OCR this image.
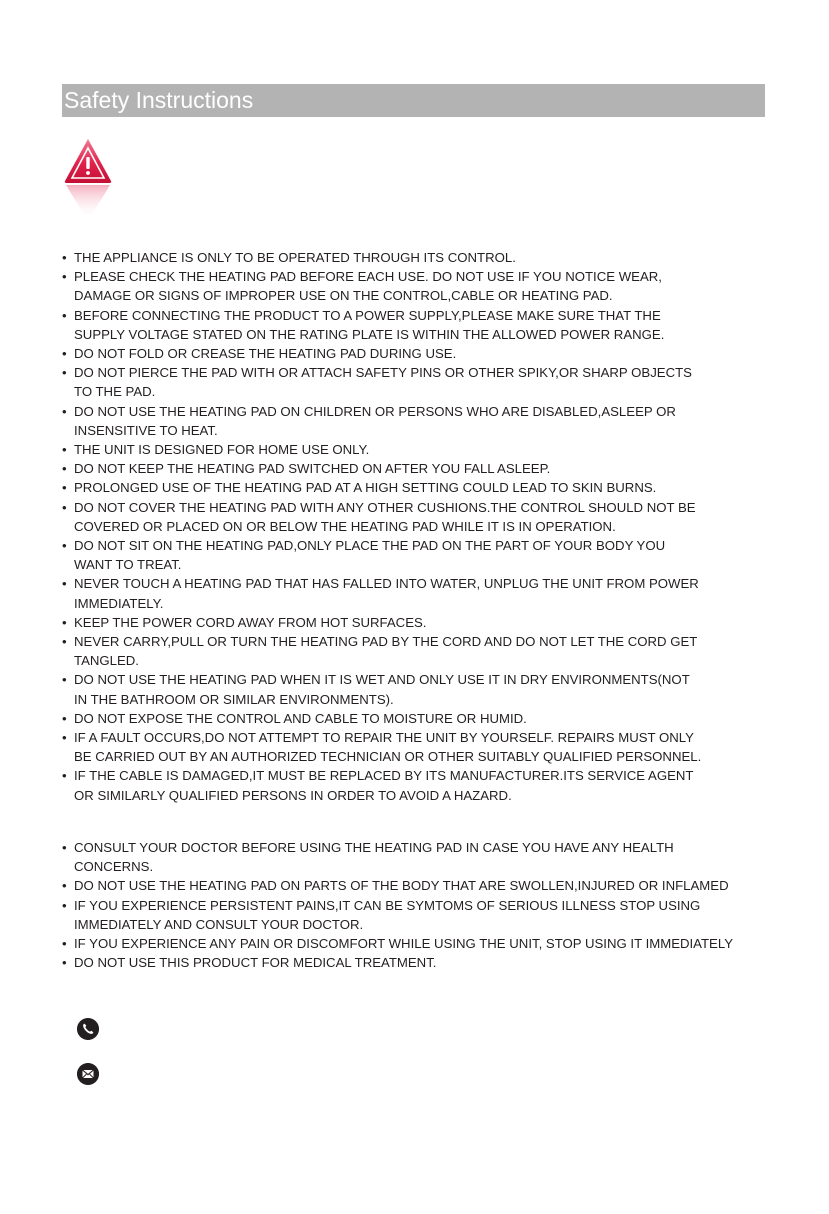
Safety Instructions
• THE APPLIANCE IS ONLY TO BE OPERATED THROUGH ITS CONTROL.
• PLEASE CHECK THE HEATING PAD BEFORE EACH USE. DO NOT USE IF YOU NOTICE WEAR,
DAMAGE OR SIGNS OF IMPROPER USE ON THE CONTROL,CABLE OR HEATING PAD.
• BEFORE CONNECTING THE PRODUCT TO A POWER SUPPLY,PLEASE MAKE SURE THAT THE
SUPPLY VOLTAGE STATED ON THE RATING PLATE IS WITHIN THE ALLOWED POWER RANGE.
• DO NOT FOLD OR CREASE THE HEATING PAD DURING USE.
• DO NOT PIERCE THE PAD WITH OR ATTACH SAFETY PINS OR OTHER SPIKY,OR SHARP OBJECTS
TO THE PAD.
• DO NOT USE THE HEATING PAD ON CHILDREN OR PERSONS WHO ARE DISABLED,ASLEEP OR
INSENSITIVE TO HEAT.
• THE UNIT IS DESIGNED FOR HOME USE ONLY.
• DO NOT KEEP THE HEATING PAD SWITCHED ON AFTER YOU FALL ASLEEP.
• PROLONGED USE OF THE HEATING PAD AT A HIGH SETTING COULD LEAD TO SKIN BURNS.
• DO NOT COVER THE HEATING PAD WITH ANY OTHER CUSHIONS.THE CONTROL SHOULD NOT BE
COVERED OR PLACED ON OR BELOW THE HEATING PAD WHILE IT IS IN OPERATION.
• DO NOT SIT ON THE HEATING PAD,ONLY PLACE THE PAD ON THE PART OF YOUR BODY YOU
WANT TO TREAT.
• NEVER TOUCH A HEATING PAD THAT HAS FALLED INTO WATER, UNPLUG THE UNIT FROM POWER
IMMEDIATELY.
• KEEP THE POWER CORD AWAY FROM HOT SURFACES.
• NEVER CARRY,PULL OR TURN THE HEATING PAD BY THE CORD AND DO NOT LET THE CORD GET
TANGLED.
• DO NOT USE THE HEATING PAD WHEN IT IS WET AND ONLY USE IT IN DRY ENVIRONMENTS(NOT
IN THE BATHROOM OR SIMILAR ENVIRONMENTS).
• DO NOT EXPOSE THE CONTROL AND CABLE TO MOISTURE OR HUMID.
• IF A FAULT OCCURS,DO NOT ATTEMPT TO REPAIR THE UNIT BY YOURSELF. REPAIRS MUST ONLY
BE CARRIED OUT BY AN AUTHORIZED TECHNICIAN OR OTHER SUITABLY QUALIFIED PERSONNEL.
• IF THE CABLE IS DAMAGED,IT MUST BE REPLACED BY ITS MANUFACTURER.ITS SERVICE AGENT
OR SIMILARLY QUALIFIED PERSONS IN ORDER TO AVOID A HAZARD.
• CONSULT YOUR DOCTOR BEFORE USING THE HEATING PAD IN CASE YOU HAVE ANY HEALTH
CONCERNS.
• DO NOT USE THE HEATING PAD ON PARTS OF THE BODY THAT ARE SWOLLEN,INJURED OR INFLAMED
• IF YOU EXPERIENCE PERSISTENT PAINS,IT CAN BE SYMTOMS OF SERIOUS ILLNESS STOP USING
IMMEDIATELY AND CONSULT YOUR DOCTOR.
• IF YOU EXPERIENCE ANY PAIN OR DISCOMFORT WHILE USING THE UNIT, STOP USING IT IMMEDIATELY
• DO NOT USE THIS PRODUCT FOR MEDICAL TREATMENT.
